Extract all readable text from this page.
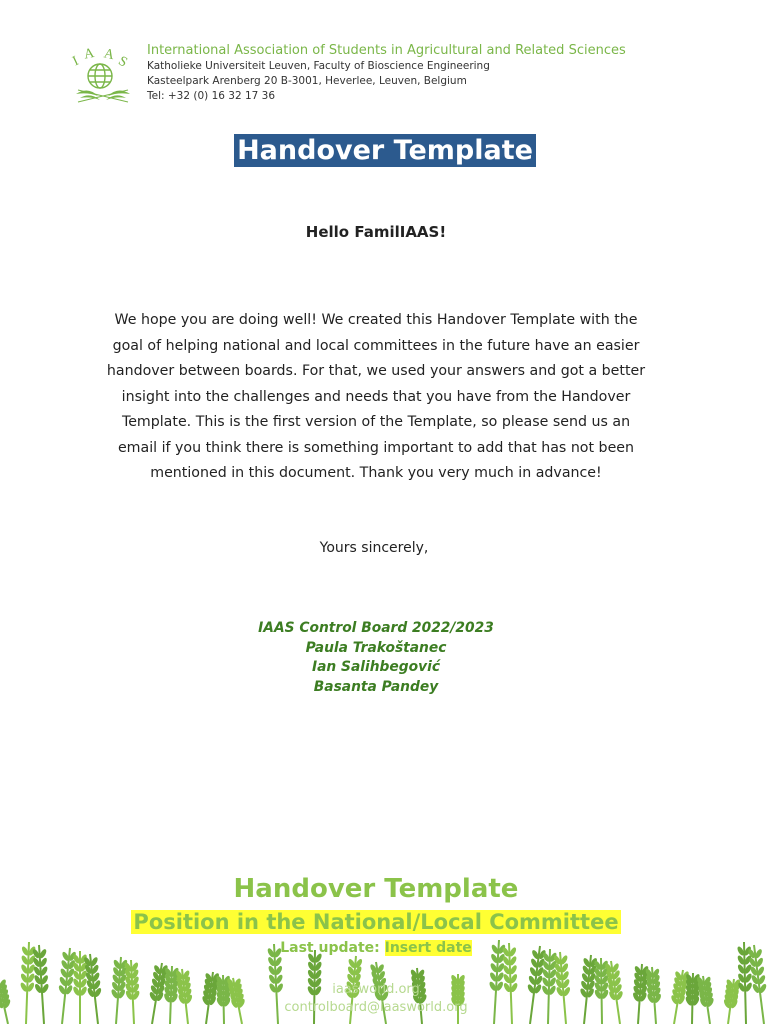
I A A S
International Association of Students in Agricultural and Related Sciences
Katholieke Universiteit Leuven, Faculty of Bioscience Engineering
Kasteelpark Arenberg 20 B-3001, Heverlee, Leuven, Belgium
Tel: +32 (0) 16 32 17 36
Handover Template
Hello FamilIAAS!
We hope you are doing well! We created this Handover Template with the
goal of helping national and local committees in the future have an easier
handover between boards. For that, we used your answers and got a better
insight into the challenges and needs that you have from the Handover
Template. This is the first version of the Template, so please send us an
email if you think there is something important to add that has not been
mentioned in this document. Thank you very much in advance!
Yours sincerely,
IAAS Control Board 2022/2023
Paula Trakoštanec
Ian Salihbegović
Basanta Pandey
Handover Template
Position in the National/Local Committee
Last update: Insert date
iaasworld.org
controlboard@iaasworld.org
